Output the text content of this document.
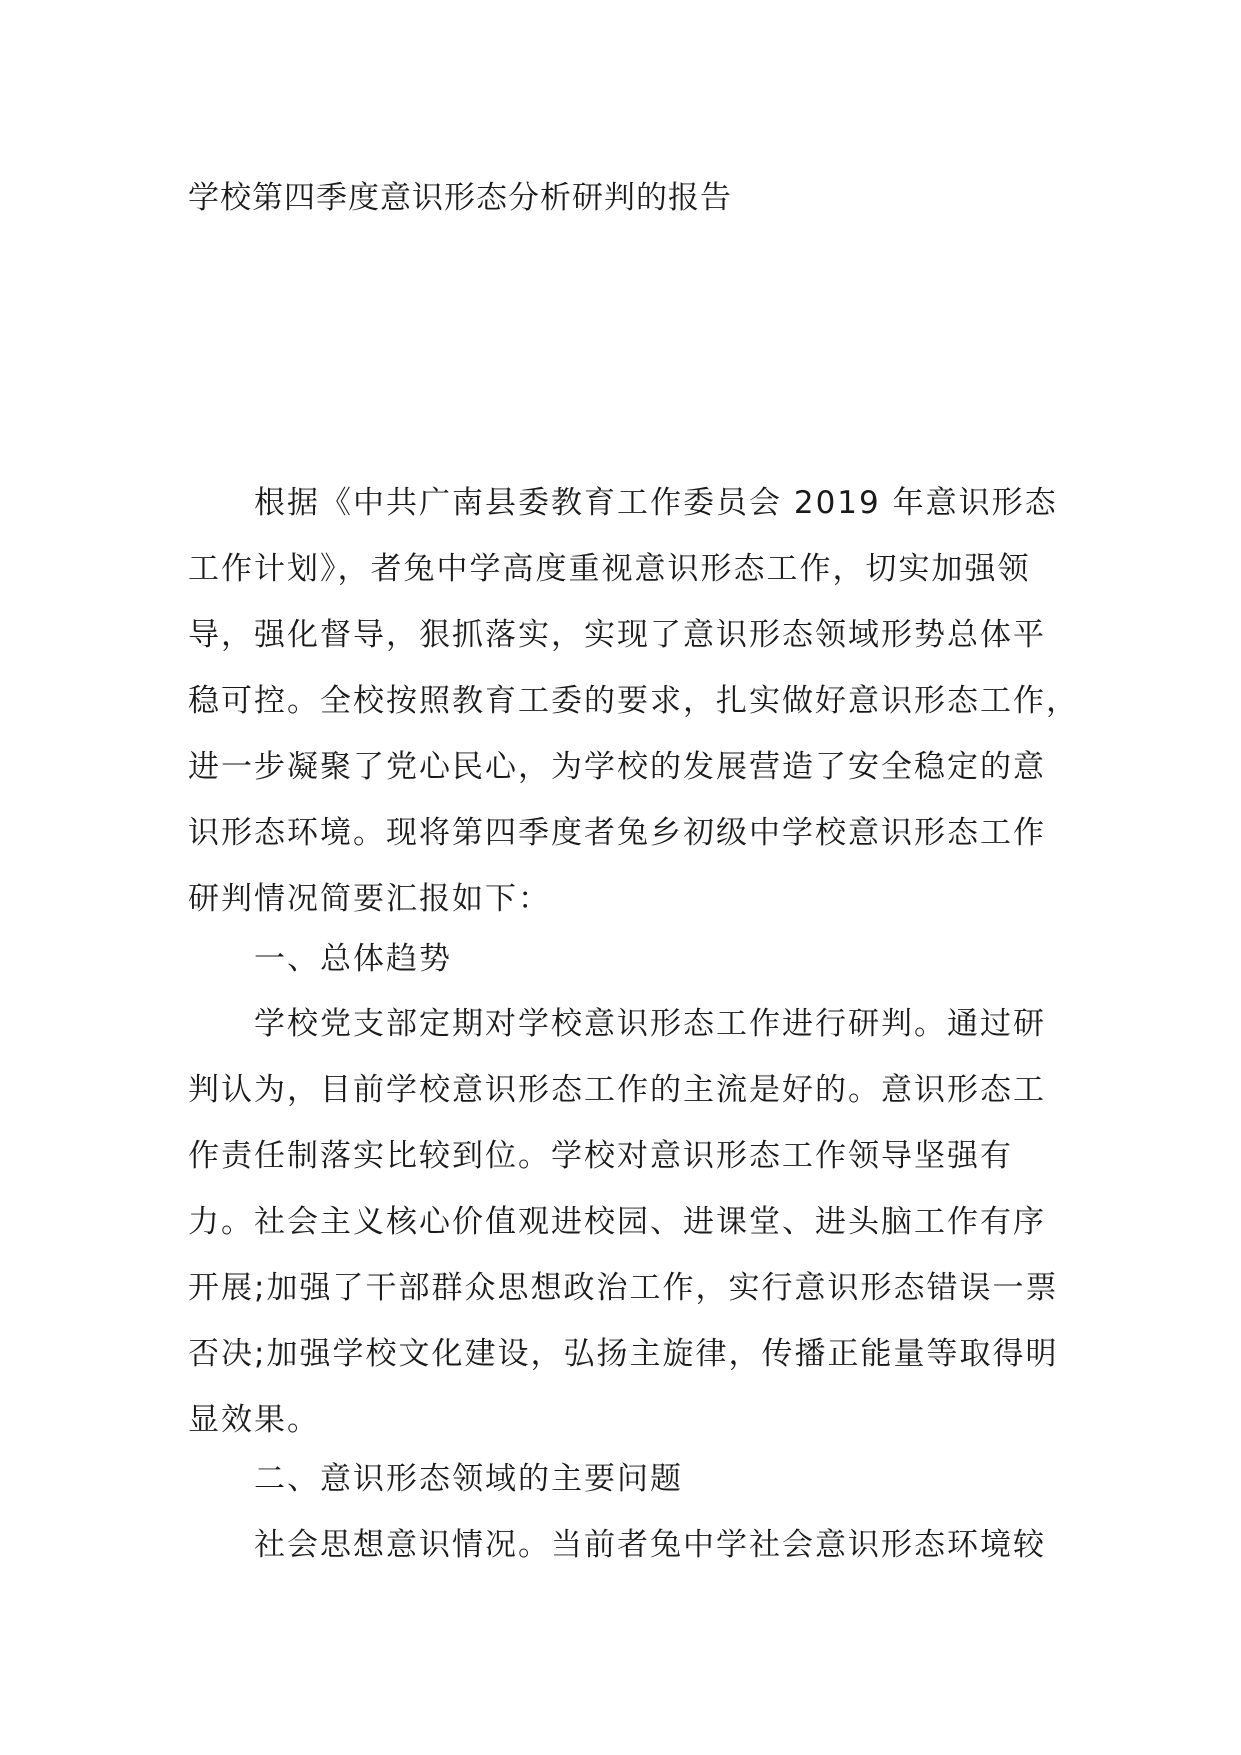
学校第四季度意识形态分析研判的报告
根据《中共广南县委教育工作委员会 2019 年意识形态
工作计划》，者兔中学高度重视意识形态工作，切实加强领
导，强化督导，狠抓落实，实现了意识形态领域形势总体平
稳可控。全校按照教育工委的要求，扎实做好意识形态工作，
进一步凝聚了党心民心，为学校的发展营造了安全稳定的意
识形态环境。现将第四季度者兔乡初级中学校意识形态工作
研判情况简要汇报如下：
一、总体趋势
学校党支部定期对学校意识形态工作进行研判。通过研
判认为，目前学校意识形态工作的主流是好的。意识形态工
作责任制落实比较到位。学校对意识形态工作领导坚强有
力。社会主义核心价值观进校园、进课堂、进头脑工作有序
开展;加强了干部群众思想政治工作，实行意识形态错误一票
否决;加强学校文化建设，弘扬主旋律，传播正能量等取得明
显效果。
二、意识形态领域的主要问题
社会思想意识情况。当前者兔中学社会意识形态环境较
